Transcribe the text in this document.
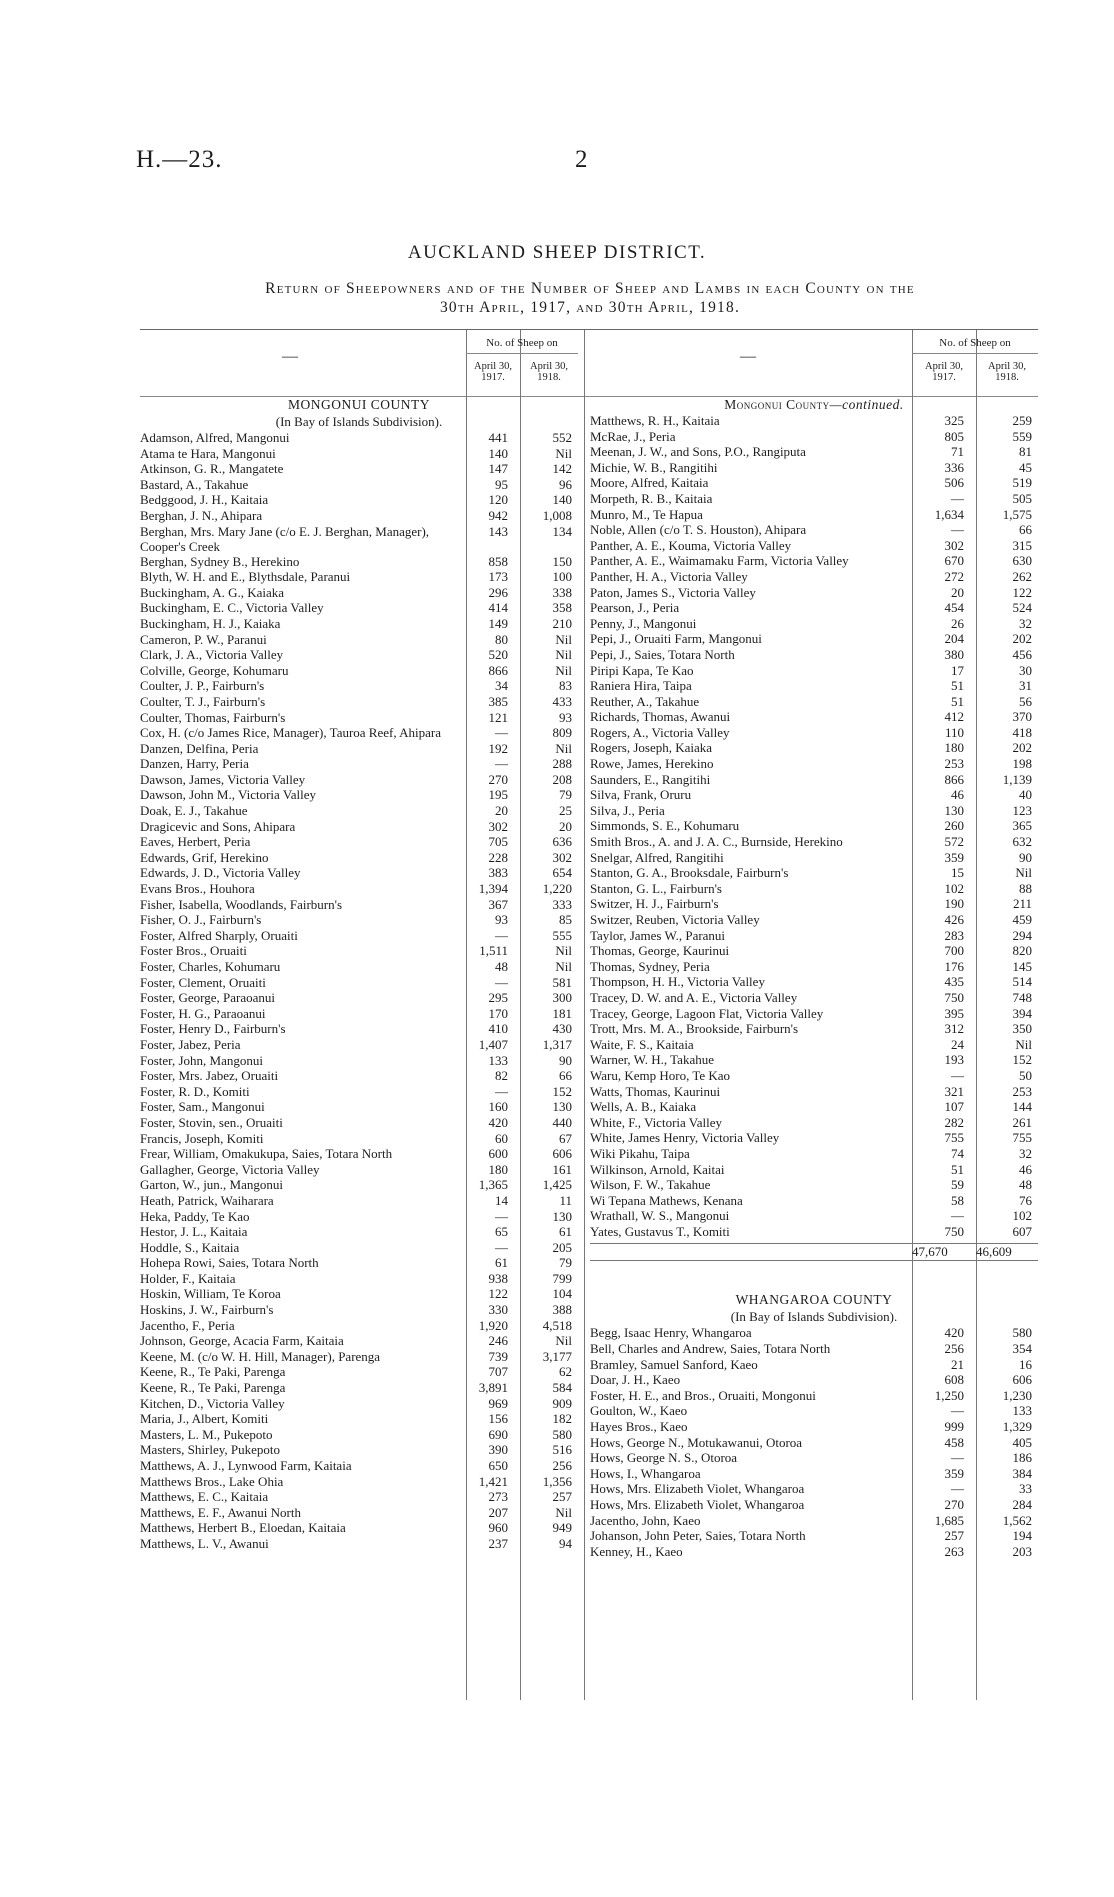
H.—23.	2
AUCKLAND SHEEP DISTRICT.
Return of Sheepowners and of the Number of Sheep and Lambs in each County on the
30th April, 1917, and 30th April, 1918.
—
No. of Sheep on
April 30,
1917.
April 30,
1918.
MONGONUI COUNTY
(In Bay of Islands Subdivision).
Adamson, Alfred, Mangonui	441	552
Atama te Hara, Mangonui	140	Nil
Atkinson, G. R., Mangatete	147	142
Bastard, A., Takahue	95	96
Bedggood, J. H., Kaitaia	120	140
Berghan, J. N., Ahipara	942	1,008
Berghan, Mrs. Mary Jane (c/o E. J. Berghan, Manager), Cooper's Creek
143	134
Berghan, Sydney B., Herekino	858	150
Blyth, W. H. and E., Blythsdale, Paranui	173	100
Buckingham, A. G., Kaiaka	296	338
Buckingham, E. C., Victoria Valley	414	358
Buckingham, H. J., Kaiaka	149	210
Cameron, P. W., Paranui	80	Nil
Clark, J. A., Victoria Valley	520	Nil
Colville, George, Kohumaru	866	Nil
Coulter, J. P., Fairburn's	34	83
Coulter, T. J., Fairburn's	385	433
Coulter, Thomas, Fairburn's	121	93
Cox, H. (c/o James Rice, Manager), Tauroa Reef, Ahipara	—	809
Danzen, Delfina, Peria	192	Nil
Danzen, Harry, Peria	—	288
Dawson, James, Victoria Valley	270	208
Dawson, John M., Victoria Valley	195	79
Doak, E. J., Takahue	20	25
Dragicevic and Sons, Ahipara	302	20
Eaves, Herbert, Peria	705	636
Edwards, Grif, Herekino	228	302
Edwards, J. D., Victoria Valley	383	654
Evans Bros., Houhora	1,394	1,220
Fisher, Isabella, Woodlands, Fairburn's	367	333
Fisher, O. J., Fairburn's	93	85
Foster, Alfred Sharply, Oruaiti	—	555
Foster Bros., Oruaiti	1,511	Nil
Foster, Charles, Kohumaru	48	Nil
Foster, Clement, Oruaiti	—	581
Foster, George, Paraoanui	295	300
Foster, H. G., Paraoanui	170	181
Foster, Henry D., Fairburn's	410	430
Foster, Jabez, Peria	1,407	1,317
Foster, John, Mangonui	133	90
Foster, Mrs. Jabez, Oruaiti	82	66
Foster, R. D., Komiti	—	152
Foster, Sam., Mangonui	160	130
Foster, Stovin, sen., Oruaiti	420	440
Francis, Joseph, Komiti	60	67
Frear, William, Omakukupa, Saies, Totara North	600	606
Gallagher, George, Victoria Valley	180	161
Garton, W., jun., Mangonui	1,365	1,425
Heath, Patrick, Waiharara	14	11
Heka, Paddy, Te Kao	—	130
Hestor, J. L., Kaitaia	65	61
Hoddle, S., Kaitaia	—	205
Hohepa Rowi, Saies, Totara North	61	79
Holder, F., Kaitaia	938	799
Hoskin, William, Te Koroa	122	104
Hoskins, J. W., Fairburn's	330	388
Jacentho, F., Peria	1,920	4,518
Johnson, George, Acacia Farm, Kaitaia	246	Nil
Keene, M. (c/o W. H. Hill, Manager), Parenga	739	3,177
Keene, R., Te Paki, Parenga	707	62
Keene, R., Te Paki, Parenga	3,891	584
Kitchen, D., Victoria Valley	969	909
Maria, J., Albert, Komiti	156	182
Masters, L. M., Pukepoto	690	580
Masters, Shirley, Pukepoto	390	516
Matthews, A. J., Lynwood Farm, Kaitaia	650	256
Matthews Bros., Lake Ohia	1,421	1,356
Matthews, E. C., Kaitaia	273	257
Matthews, E. F., Awanui North	207	Nil
Matthews, Herbert B., Eloedan, Kaitaia	960	949
Matthews, L. V., Awanui	237	94
—
No. of Sheep on
April 30,
1917.
April 30,
1918.
Mongonui County—continued.
Matthews, R. H., Kaitaia	325	259
McRae, J., Peria	805	559
Meenan, J. W., and Sons, P.O., Rangiputa	71	81
Michie, W. B., Rangitihi	336	45
Moore, Alfred, Kaitaia	506	519
Morpeth, R. B., Kaitaia	—	505
Munro, M., Te Hapua	1,634	1,575
Noble, Allen (c/o T. S. Houston), Ahipara	—	66
Panther, A. E., Kouma, Victoria Valley	302	315
Panther, A. E., Waimamaku Farm, Victoria Valley	670	630
Panther, H. A., Victoria Valley	272	262
Paton, James S., Victoria Valley	20	122
Pearson, J., Peria	454	524
Penny, J., Mangonui	26	32
Pepi, J., Oruaiti Farm, Mangonui	204	202
Pepi, J., Saies, Totara North	380	456
Piripi Kapa, Te Kao	17	30
Raniera Hira, Taipa	51	31
Reuther, A., Takahue	51	56
Richards, Thomas, Awanui	412	370
Rogers, A., Victoria Valley	110	418
Rogers, Joseph, Kaiaka	180	202
Rowe, James, Herekino	253	198
Saunders, E., Rangitihi	866	1,139
Silva, Frank, Oruru	46	40
Silva, J., Peria	130	123
Simmonds, S. E., Kohumaru	260	365
Smith Bros., A. and J. A. C., Burnside, Herekino	572	632
Snelgar, Alfred, Rangitihi	359	90
Stanton, G. A., Brooksdale, Fairburn's	15	Nil
Stanton, G. L., Fairburn's	102	88
Switzer, H. J., Fairburn's	190	211
Switzer, Reuben, Victoria Valley	426	459
Taylor, James W., Paranui	283	294
Thomas, George, Kaurinui	700	820
Thomas, Sydney, Peria	176	145
Thompson, H. H., Victoria Valley	435	514
Tracey, D. W. and A. E., Victoria Valley	750	748
Tracey, George, Lagoon Flat, Victoria Valley	395	394
Trott, Mrs. M. A., Brookside, Fairburn's	312	350
Waite, F. S., Kaitaia	24	Nil
Warner, W. H., Takahue	193	152
Waru, Kemp Horo, Te Kao	—	50
Watts, Thomas, Kaurinui	321	253
Wells, A. B., Kaiaka	107	144
White, F., Victoria Valley	282	261
White, James Henry, Victoria Valley	755	755
Wiki Pikahu, Taipa	74	32
Wilkinson, Arnold, Kaitai	51	46
Wilson, F. W., Takahue	59	48
Wi Tepana Mathews, Kenana	58	76
Wrathall, W. S., Mangonui	—	102
Yates, Gustavus T., Komiti	750	607
47,670	46,609
WHANGAROA COUNTY
(In Bay of Islands Subdivision).
Begg, Isaac Henry, Whangaroa	420	580
Bell, Charles and Andrew, Saies, Totara North	256	354
Bramley, Samuel Sanford, Kaeo	21	16
Doar, J. H., Kaeo	608	606
Foster, H. E., and Bros., Oruaiti, Mongonui	1,250	1,230
Goulton, W., Kaeo	—	133
Hayes Bros., Kaeo	999	1,329
Hows, George N., Motukawanui, Otoroa	458	405
Hows, George N. S., Otoroa	—	186
Hows, I., Whangaroa	359	384
Hows, Mrs. Elizabeth Violet, Whangaroa	—	33
Hows, Mrs. Elizabeth Violet, Whangaroa	270	284
Jacentho, John, Kaeo	1,685	1,562
Johanson, John Peter, Saies, Totara North	257	194
Kenney, H., Kaeo	263	203
